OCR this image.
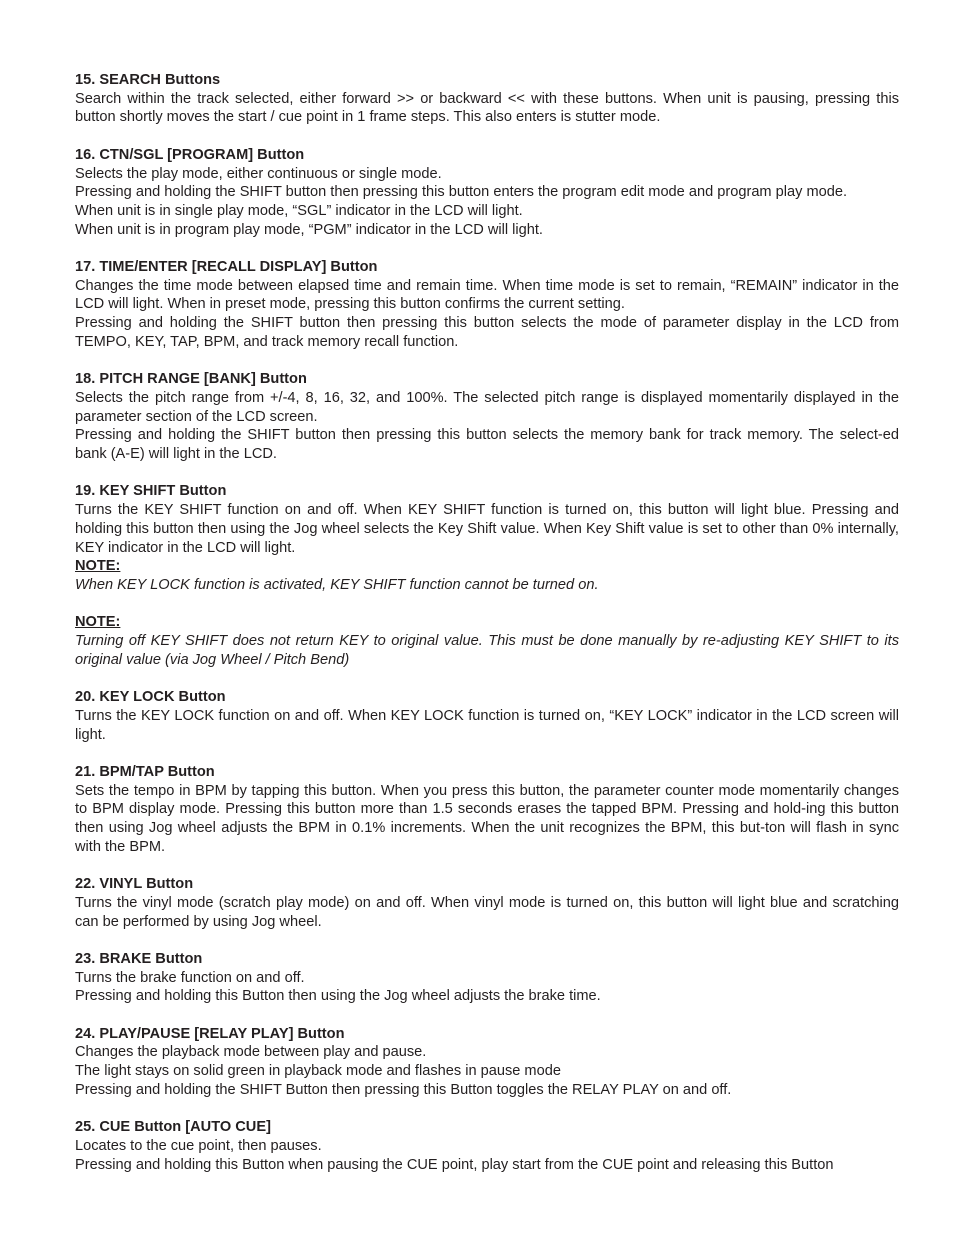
15. SEARCH Buttons
Search within the track selected, either forward >> or backward << with these buttons. When unit is pausing, pressing this button shortly moves the start / cue point in 1 frame steps. This also enters is stutter mode.
16. CTN/SGL [PROGRAM] Button
Selects the play mode, either continuous or single mode.
Pressing and holding the SHIFT button then pressing this button enters the program edit mode and program play mode.
When unit is in single play mode, “SGL” indicator in the LCD will light.
When unit is in program play mode, “PGM” indicator in the LCD will light.
17. TIME/ENTER [RECALL DISPLAY] Button
Changes the time mode between elapsed time and remain time. When time mode is set to remain, “REMAIN” indicator in the LCD will light. When in preset mode, pressing this button confirms the current setting.
Pressing and holding the SHIFT button then pressing this button selects the mode of parameter display in the LCD from TEMPO, KEY, TAP, BPM, and track memory recall function.
18. PITCH RANGE [BANK] Button
Selects the pitch range from +/-4, 8, 16, 32, and 100%. The selected pitch range is displayed momentarily displayed in the parameter section of the LCD screen.
Pressing and holding the SHIFT button then pressing this button selects the memory bank for track memory. The select-ed bank (A-E) will light in the LCD.
19. KEY SHIFT Button
Turns the KEY SHIFT function on and off. When KEY SHIFT function is turned on, this button will light blue. Pressing and holding this button then using the Jog wheel selects the Key Shift value. When Key Shift value is set to other than 0% internally, KEY indicator in the LCD will light.
NOTE:
When KEY LOCK function is activated, KEY SHIFT function cannot be turned on.
NOTE:
Turning off KEY SHIFT does not return KEY to original value. This must be done manually by re-adjusting KEY SHIFT to its original value (via Jog Wheel / Pitch Bend)
20. KEY LOCK Button
Turns the KEY LOCK function on and off. When KEY LOCK function is turned on, “KEY LOCK” indicator in the LCD screen will light.
21. BPM/TAP Button
Sets the tempo in BPM by tapping this button. When you press this button, the parameter counter mode momentarily changes to BPM display mode. Pressing this button more than 1.5 seconds erases the tapped BPM. Pressing and hold-ing this button then using Jog wheel adjusts the BPM in 0.1% increments. When the unit recognizes the BPM, this but-ton will flash in sync with the BPM.
22. VINYL Button
Turns the vinyl mode (scratch play mode) on and off. When vinyl mode is turned on, this button will light blue and scratching can be performed by using Jog wheel.
23. BRAKE Button
Turns the brake function on and off.
Pressing and holding this Button then using the Jog wheel adjusts the brake time.
24. PLAY/PAUSE [RELAY PLAY] Button
Changes the playback mode between play and pause.
The light stays on solid green in playback mode and flashes in pause mode
Pressing and holding the SHIFT Button then pressing this Button toggles the RELAY PLAY on and off.
25. CUE Button [AUTO CUE]
Locates to the cue point, then pauses.
Pressing and holding this Button when pausing the CUE point, play start from the CUE point and releasing this Button
